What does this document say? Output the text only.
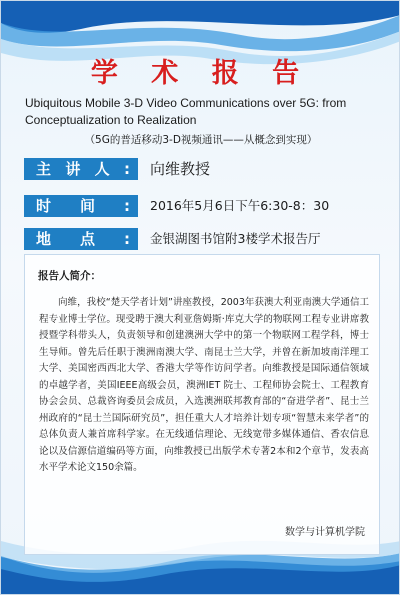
学 术 报 告
Ubiquitous Mobile 3-D Video Communications over 5G: from Conceptualization to Realization
（5G的普适移动3-D视频通讯——从概念到实现）
主讲人:	向维教授
时间:	2016年5月6日下午6:30-8：30
地点:	金银湖图书馆附3楼学术报告厅
报告人简介：
向维，我校“楚天学者计划”讲座教授，2003年获澳大利亚南澳大学通信工程专业博士学位。现受聘于澳大利亚詹姆斯·库克大学的物联网工程专业讲席教授暨学科带头人，负责领导和创建澳洲大学中的第一个物联网工程学科，博士生导师。曾先后任职于澳洲南澳大学、南昆士兰大学，并曾在新加坡南洋理工大学、美国密西西北大学、香港大学等作访问学者。向维教授是国际通信领域的卓越学者，美国IEEE高级会员，澳洲IET 院士、工程师协会院士、工程教育协会会员、总裁咨询委员会成员，入选澳洲联邦教育部的“奋进学者”、昆士兰州政府的“昆士兰国际研究员”，担任重大人才培养计划专项“智慧未来学者”的总体负责人兼首席科学家。在无线通信理论、无线宽带多媒体通信、香农信息论以及信源信道编码等方面，向维教授已出版学术专著2本和2个章节，发表高水平学术论文150余篇。
数学与计算机学院
